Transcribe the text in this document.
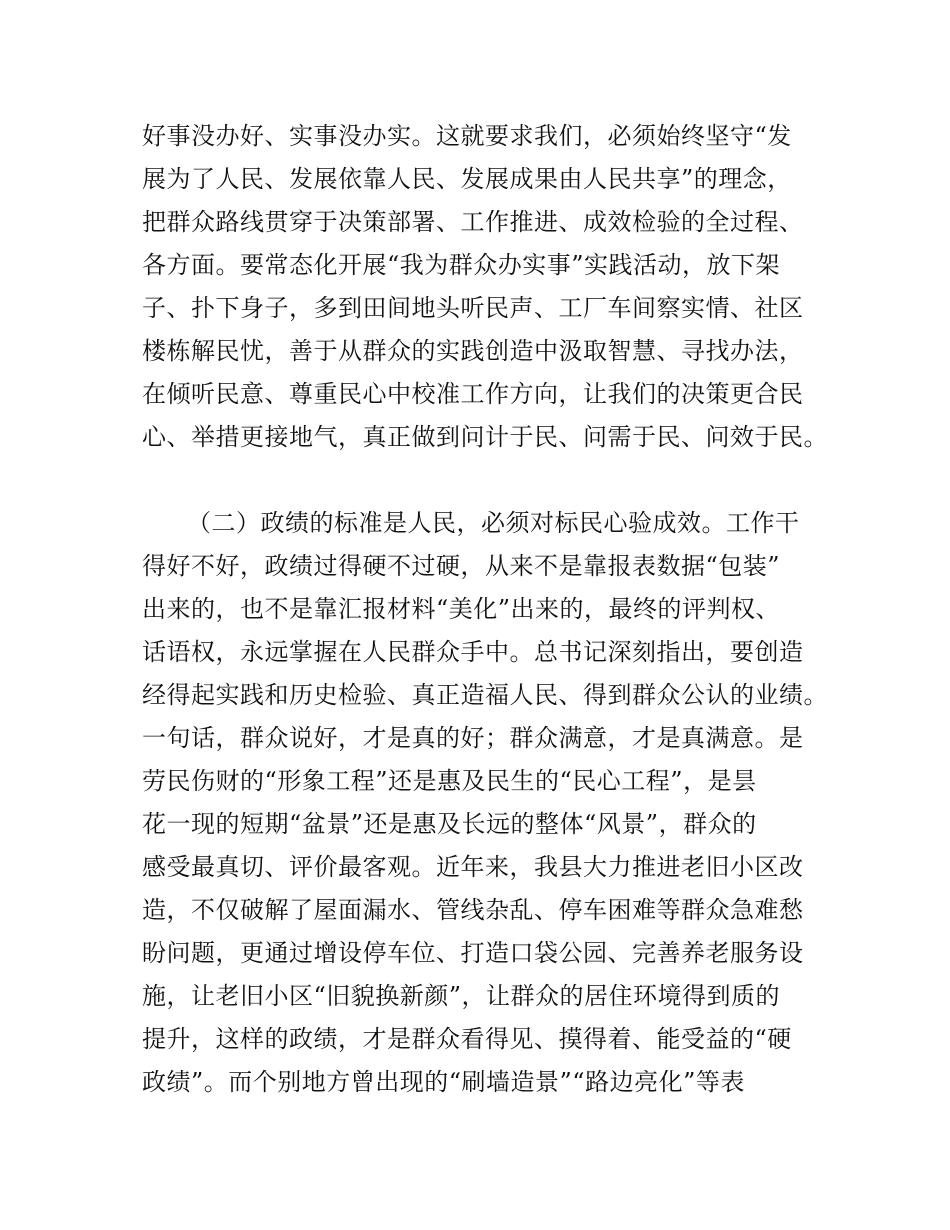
好事没办好、实事没办实。这就要求我们，必须始终坚守“发
展为了人民、发展依靠人民、发展成果由人民共享”的理念，
把群众路线贯穿于决策部署、工作推进、成效检验的全过程、
各方面。要常态化开展“我为群众办实事”实践活动，放下架
子、扑下身子，多到田间地头听民声、工厂车间察实情、社区
楼栋解民忧，善于从群众的实践创造中汲取智慧、寻找办法，
在倾听民意、尊重民心中校准工作方向，让我们的决策更合民
心、举措更接地气，真正做到问计于民、问需于民、问效于民。
（二）政绩的标准是人民，必须对标民心验成效。工作干
得好不好，政绩过得硬不过硬，从来不是靠报表数据“包装”
出来的，也不是靠汇报材料“美化”出来的，最终的评判权、
话语权，永远掌握在人民群众手中。总书记深刻指出，要创造
经得起实践和历史检验、真正造福人民、得到群众公认的业绩。
一句话，群众说好，才是真的好；群众满意，才是真满意。是
劳民伤财的“形象工程”还是惠及民生的“民心工程”，是昙
花一现的短期“盆景”还是惠及长远的整体“风景”，群众的
感受最真切、评价最客观。近年来，我县大力推进老旧小区改
造，不仅破解了屋面漏水、管线杂乱、停车困难等群众急难愁
盼问题，更通过增设停车位、打造口袋公园、完善养老服务设
施，让老旧小区“旧貌换新颜”，让群众的居住环境得到质的
提升，这样的政绩，才是群众看得见、摸得着、能受益的“硬
政绩”。而个别地方曾出现的“刷墙造景”“路边亮化”等表
